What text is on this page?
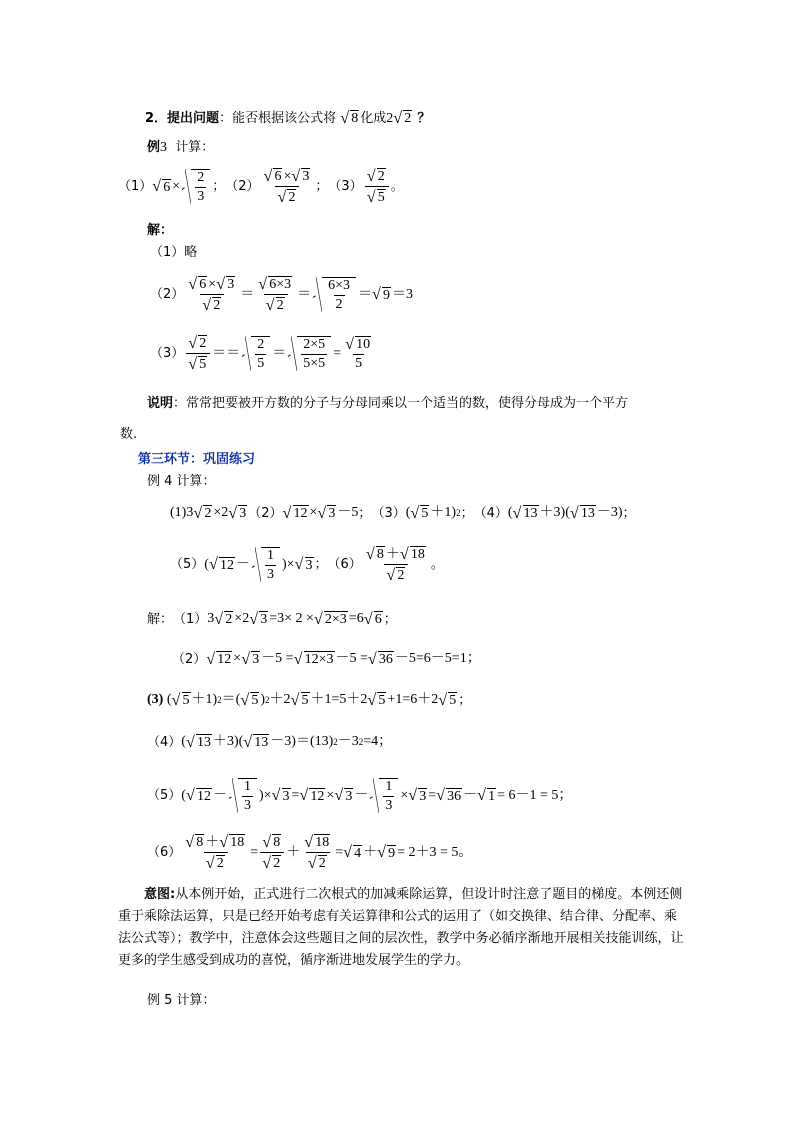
2．提出问题：能否根据该公式将 √ 8 化成2 √ 2 ？
例3 计算：
（1） √ $6 \times \frac{2}{3}$ ； （2） √ 6 × √ 3
√ 2 ； （3） √ 2
√ 5 。
解：
（1）略
（2） √ 6 × √ 3
√ 2 ＝ √ 6×3
√ $2 = \frac{6\times 3}{2}$ ＝ √ 9 ＝ 3
（3） √ 2
√ $5 == \frac{2}{5} = \frac{2\times 5}{5\times 5}$ = √ $\frac{10}{5}$
说明：常常把要被开方数的分子与分母同乘以一个适当的数，使得分母成为一个平方
数.
第三环节：巩固练习
例 4 计算：
(1)3 √ 2 ×2 √ 3 （2） √ 12 × √ 3 －5 ； （3） ( √ 5 ＋1) 2 ； （4） ( √ 13 ＋3)( √ 13 －3) ；
（5） ( √ $12 - \frac{1}{3}$ )× √ 3 ； （6） √ 8 ＋ √ 18
√ 2 。
解： （1） 3 √ 2 ×2 √ 3 =3× 2 × √ 2×3 =6 √ 6 ；
（2） √ 12 × √ 3 －5 = √ 12×3 －5 = √ 36 －5 =6－5=1；
(3) ( √ 5 ＋1) 2 ＝( √ 5 ) 2 ＋2 √ 5 ＋1 =5＋ 2 √ 5 +1=6＋ 2 √ 5 ；
（4） ( √ 13 ＋3)( √ 13 －3)＝(13) 2 －3 2 =4；
（5） ( √ $12 - \frac{1}{3}$ )× √ 3 = √ 12 × √ $3 - \frac{1}{3}$ × √ 3 = √ 36 － √ 1 = 6－1 = 5；
（6） √ 8 ＋ √ 18
√ 2 = √ 8
√ 2 ＋ √ 18
√ 2 = √ 4 ＋ √ 9 = 2＋3 = 5。
意图:从本例开始，正式进行二次根式的加减乘除运算，但设计时注意了题目的梯度。本例还侧重于乘除法运算，只是已经开始考虑有关运算律和公式的运用了（如交换律、结合律、分配率、乘法公式等）；教学中，注意体会这些题目之间的层次性，教学中务必循序渐地开展相关技能训练，让更多的学生感受到成功的喜悦，循序渐进地发展学生的学力。
例 5 计算：
